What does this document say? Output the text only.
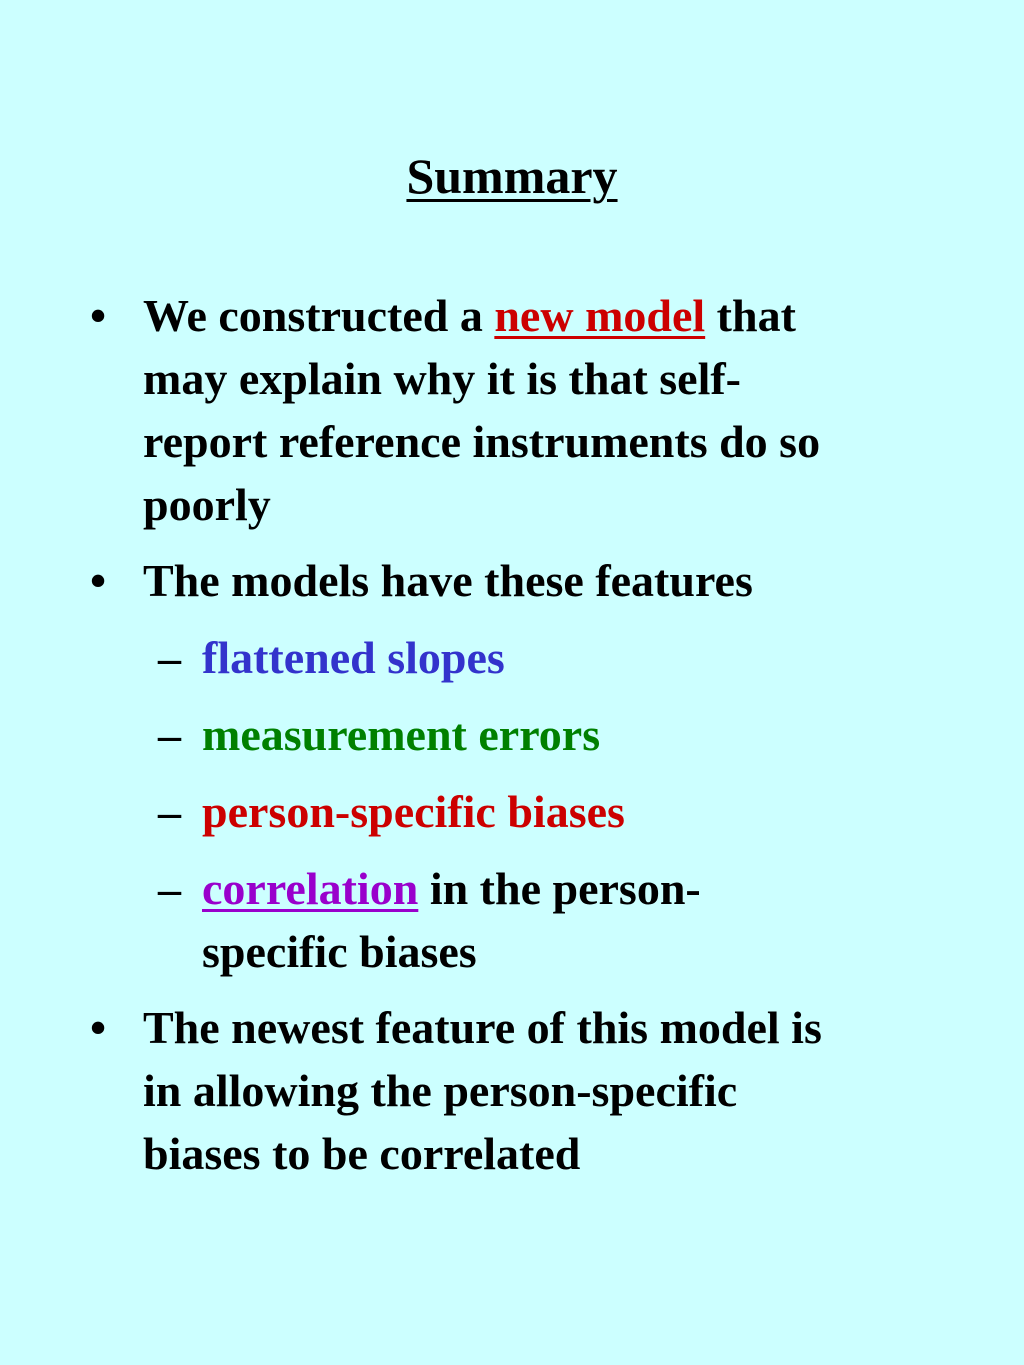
Summary
• We constructed a new model that

may explain why it is that self-

report reference instruments do so

poorly

• The models have these features

– flattened slopes

– measurement errors

– person-specific biases

– correlation in the person-

specific biases

• The newest feature of this model is

in allowing the person-specific

biases to be correlated
